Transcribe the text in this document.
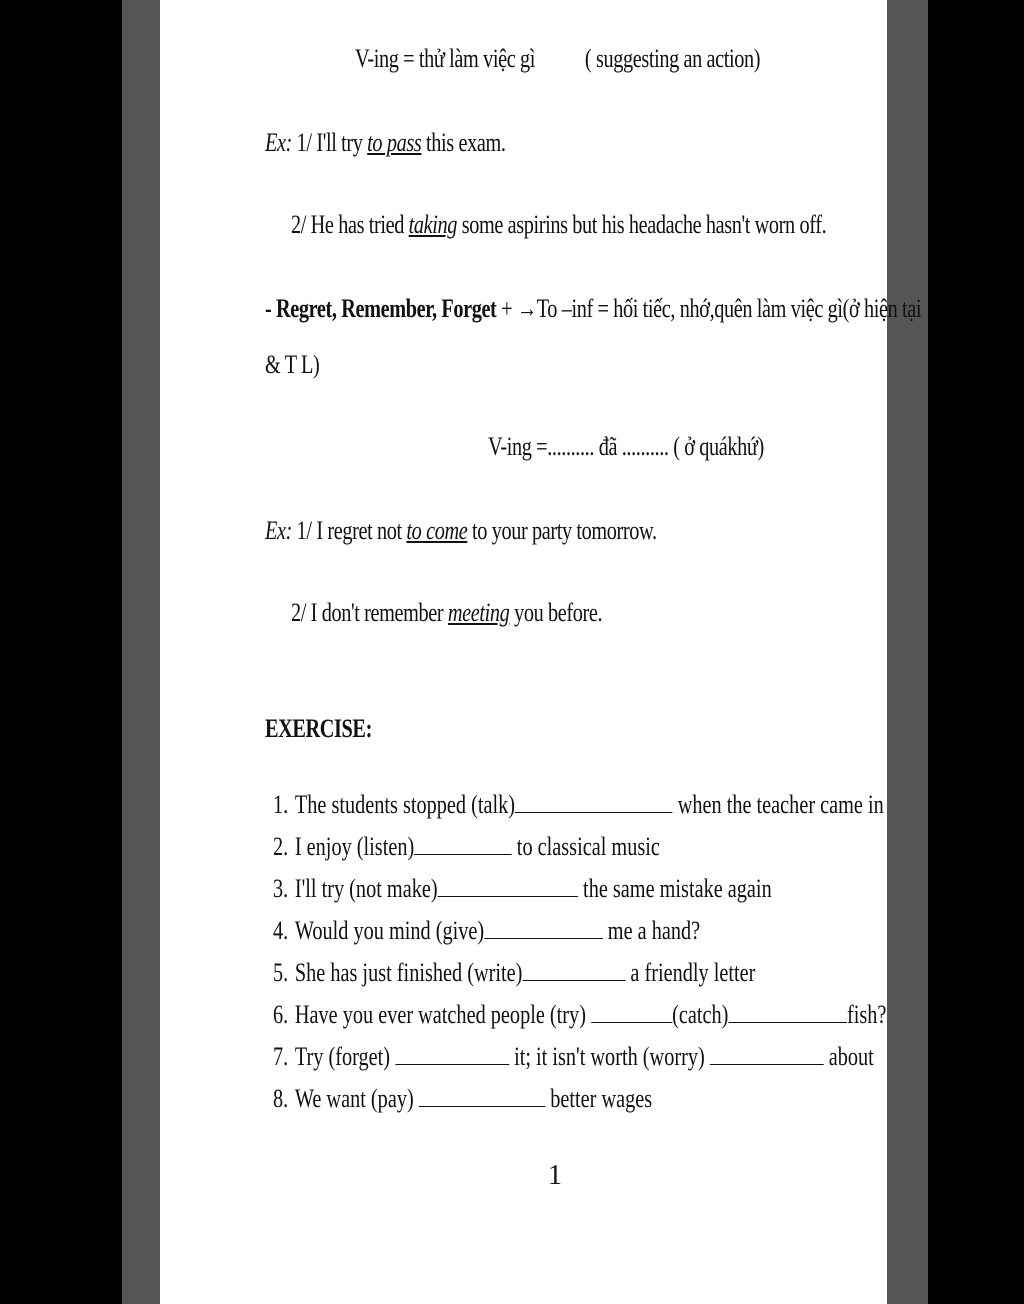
V-ing = thử làm việc gì ( suggesting an action)
Ex: 1/ I'll try to pass this exam.
2/ He has tried taking some aspirins but his headache hasn't worn off.
- Regret, Remember, Forget + →To –inf = hối tiếc, nhớ,quên làm việc gì(ở hiện tại
& T L)
V-ing =.......... đã .......... ( ở quákhứ)
Ex: 1/ I regret not to come to your party tomorrow.
2/ I don't remember meeting you before.
EXERCISE:
1. The students stopped (talk)	when the teacher came in
2. I enjoy (listen)	to classical music
3. I'll try (not make)	the same mistake again
4. Would you mind (give)	me a hand?
5. She has just finished (write)	a friendly letter
6. Have you ever watched people (try)	(catch)	fish?
7. Try (forget)	it; it isn't worth (worry)	about
8. We want (pay)	better wages
1
